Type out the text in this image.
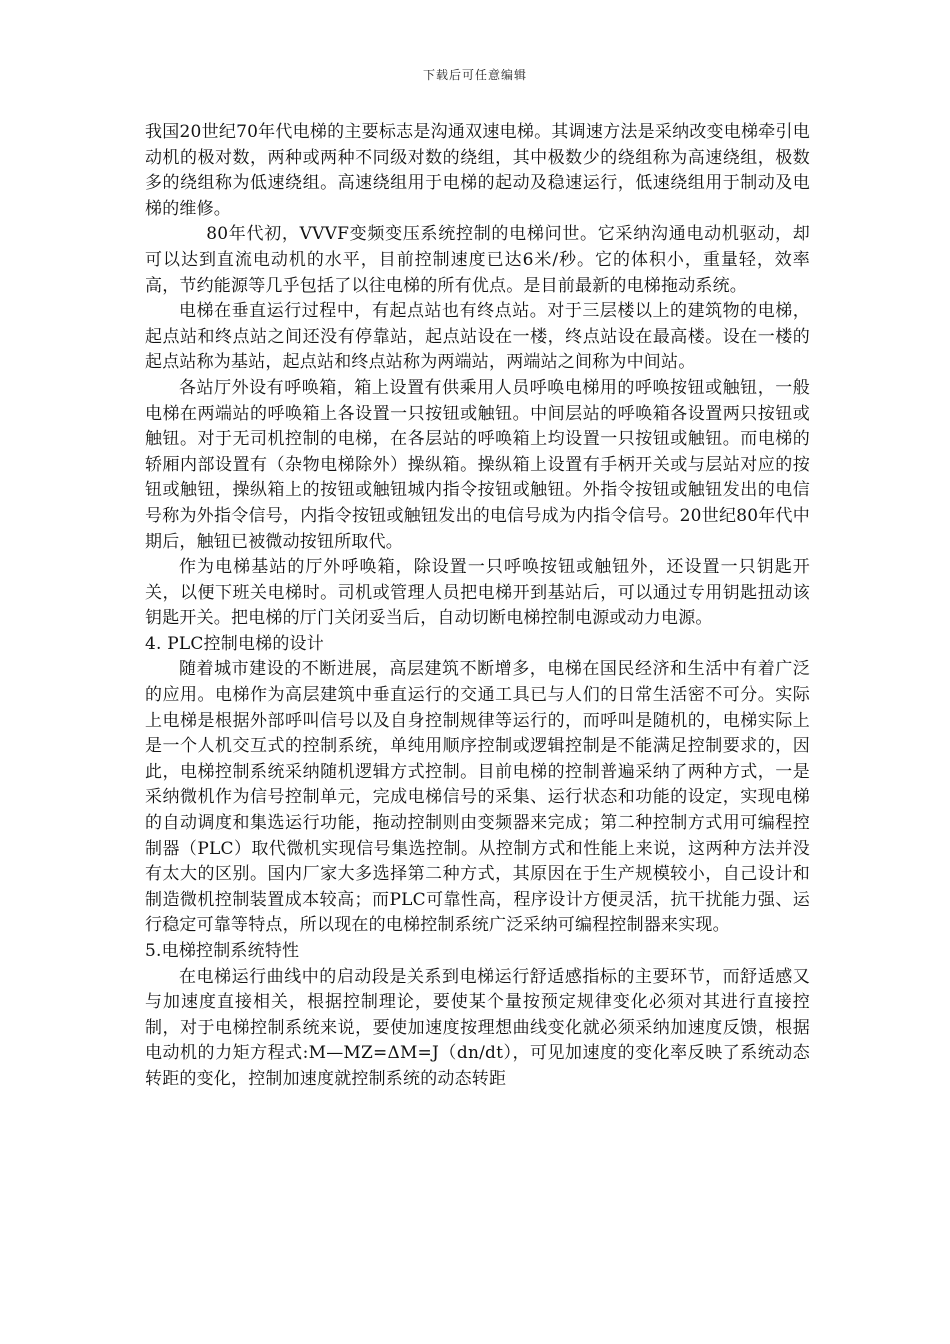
下载后可任意编辑

我国20世纪70年代电梯的主要标志是沟通双速电梯。其调速方法是采纳改变电梯牵引电动机的极对数，两种或两种不同级对数的绕组，其中极数少的绕组称为高速绕组，极数多的绕组称为低速绕组。高速绕组用于电梯的起动及稳速运行，低速绕组用于制动及电梯的维修。

80年代初，VVVF变频变压系统控制的电梯问世。它采纳沟通电动机驱动，却可以达到直流电动机的水平，目前控制速度已达6米/秒。它的体积小，重量轻，效率高，节约能源等几乎包括了以往电梯的所有优点。是目前最新的电梯拖动系统。

电梯在垂直运行过程中，有起点站也有终点站。对于三层楼以上的建筑物的电梯，起点站和终点站之间还没有停靠站，起点站设在一楼，终点站设在最高楼。设在一楼的起点站称为基站，起点站和终点站称为两端站，两端站之间称为中间站。

各站厅外设有呼唤箱，箱上设置有供乘用人员呼唤电梯用的呼唤按钮或触钮，一般电梯在两端站的呼唤箱上各设置一只按钮或触钮。中间层站的呼唤箱各设置两只按钮或触钮。对于无司机控制的电梯，在各层站的呼唤箱上均设置一只按钮或触钮。而电梯的轿厢内部设置有（杂物电梯除外）操纵箱。操纵箱上设置有手柄开关或与层站对应的按钮或触钮，操纵箱上的按钮或触钮城内指令按钮或触钮。外指令按钮或触钮发出的电信号称为外指令信号，内指令按钮或触钮发出的电信号成为内指令信号。20世纪80年代中期后，触钮已被微动按钮所取代。

作为电梯基站的厅外呼唤箱，除设置一只呼唤按钮或触钮外，还设置一只钥匙开关，以便下班关电梯时。司机或管理人员把电梯开到基站后，可以通过专用钥匙扭动该钥匙开关。把电梯的厅门关闭妥当后，自动切断电梯控制电源或动力电源。

4. PLC控制电梯的设计

随着城市建设的不断进展，高层建筑不断增多，电梯在国民经济和生活中有着广泛的应用。电梯作为高层建筑中垂直运行的交通工具已与人们的日常生活密不可分。实际上电梯是根据外部呼叫信号以及自身控制规律等运行的，而呼叫是随机的，电梯实际上是一个人机交互式的控制系统，单纯用顺序控制或逻辑控制是不能满足控制要求的，因此，电梯控制系统采纳随机逻辑方式控制。目前电梯的控制普遍采纳了两种方式，一是采纳微机作为信号控制单元，完成电梯信号的采集、运行状态和功能的设定，实现电梯的自动调度和集选运行功能，拖动控制则由变频器来完成；第二种控制方式用可编程控制器（PLC）取代微机实现信号集选控制。从控制方式和性能上来说，这两种方法并没有太大的区别。国内厂家大多选择第二种方式，其原因在于生产规模较小，自己设计和制造微机控制装置成本较高；而PLC可靠性高，程序设计方便灵活，抗干扰能力强、运行稳定可靠等特点，所以现在的电梯控制系统广泛采纳可编程控制器来实现。

5.电梯控制系统特性

在电梯运行曲线中的启动段是关系到电梯运行舒适感指标的主要环节，而舒适感又与加速度直接相关，根据控制理论，要使某个量按预定规律变化必须对其进行直接控制，对于电梯控制系统来说，要使加速度按理想曲线变化就必须采纳加速度反馈，根据电动机的力矩方程式:M—MZ=ΔM=J（dn/dt），可见加速度的变化率反映了系统动态转距的变化，控制加速度就控制系统的动态转距
